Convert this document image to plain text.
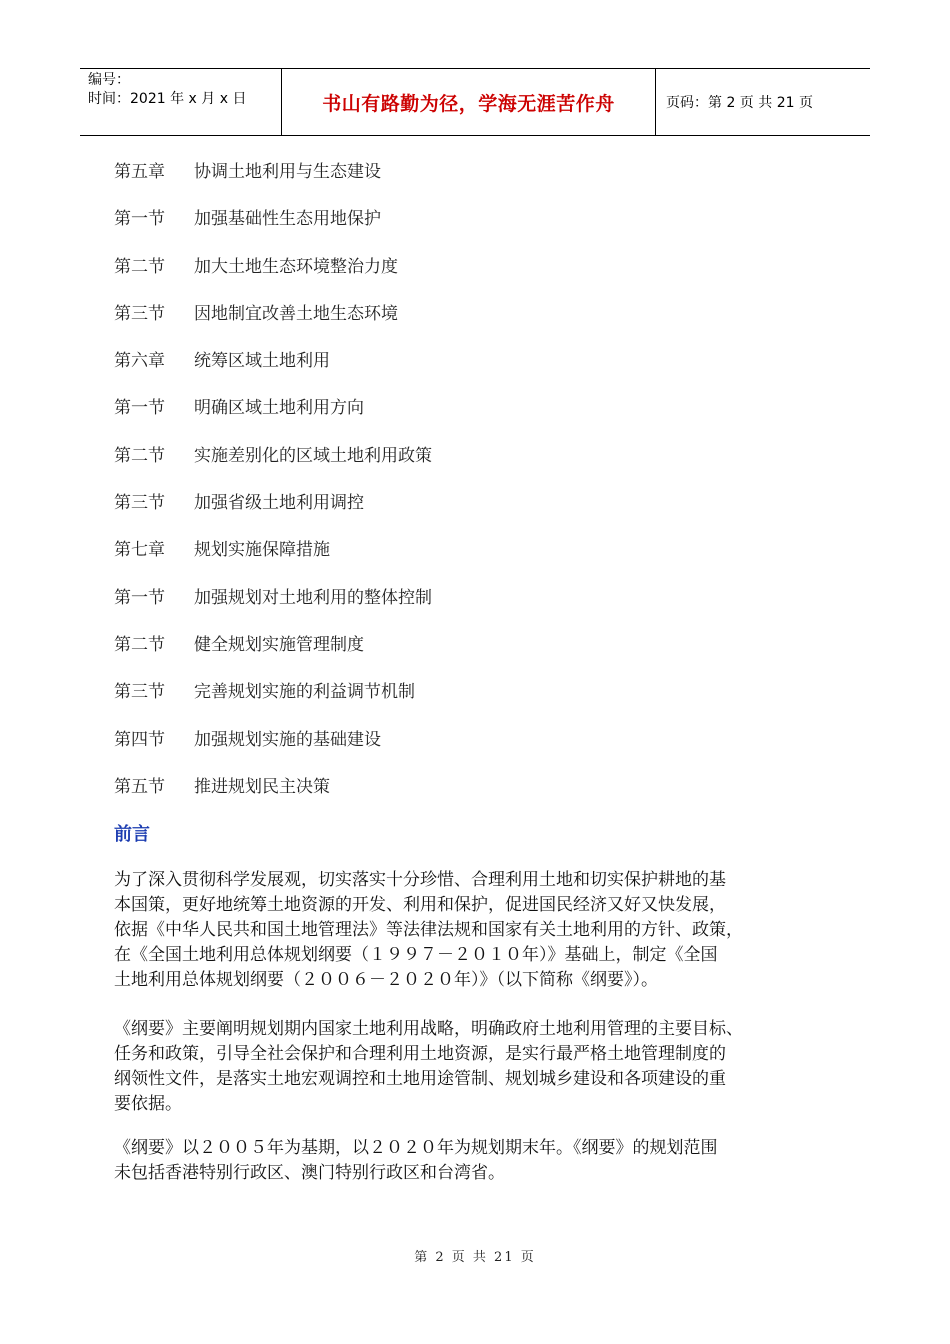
编号：
时间：2021 年 x 月 x 日	书山有路勤为径，学海无涯苦作舟	页码：第 2 页 共 21 页
第五章	协调土地利用与生态建设
第一节	加强基础性生态用地保护
第二节	加大土地生态环境整治力度
第三节	因地制宜改善土地生态环境
第六章	统筹区域土地利用
第一节	明确区域土地利用方向
第二节	实施差别化的区域土地利用政策
第三节	加强省级土地利用调控
第七章	规划实施保障措施
第一节	加强规划对土地利用的整体控制
第二节	健全规划实施管理制度
第三节	完善规划实施的利益调节机制
第四节	加强规划实施的基础建设
第五节	推进规划民主决策
前言
为了深入贯彻科学发展观，切实落实十分珍惜、合理利用土地和切实保护耕地的基
本国策，更好地统筹土地资源的开发、利用和保护，促进国民经济又好又快发展，
依据《中华人民共和国土地管理法》等法律法规和国家有关土地利用的方针、政策，
在《全国土地利用总体规划纲要（１９９７－２０１０年）》基础上，制定《全国
土地利用总体规划纲要（２００６－２０２０年）》（以下简称《纲要》）。
《纲要》主要阐明规划期内国家土地利用战略，明确政府土地利用管理的主要目标、
任务和政策，引导全社会保护和合理利用土地资源，是实行最严格土地管理制度的
纲领性文件，是落实土地宏观调控和土地用途管制、规划城乡建设和各项建设的重
要依据。
《纲要》以２００５年为基期，以２０２０年为规划期末年。《纲要》的规划范围
未包括香港特别行政区、澳门特别行政区和台湾省。
第 2 页 共 21 页
